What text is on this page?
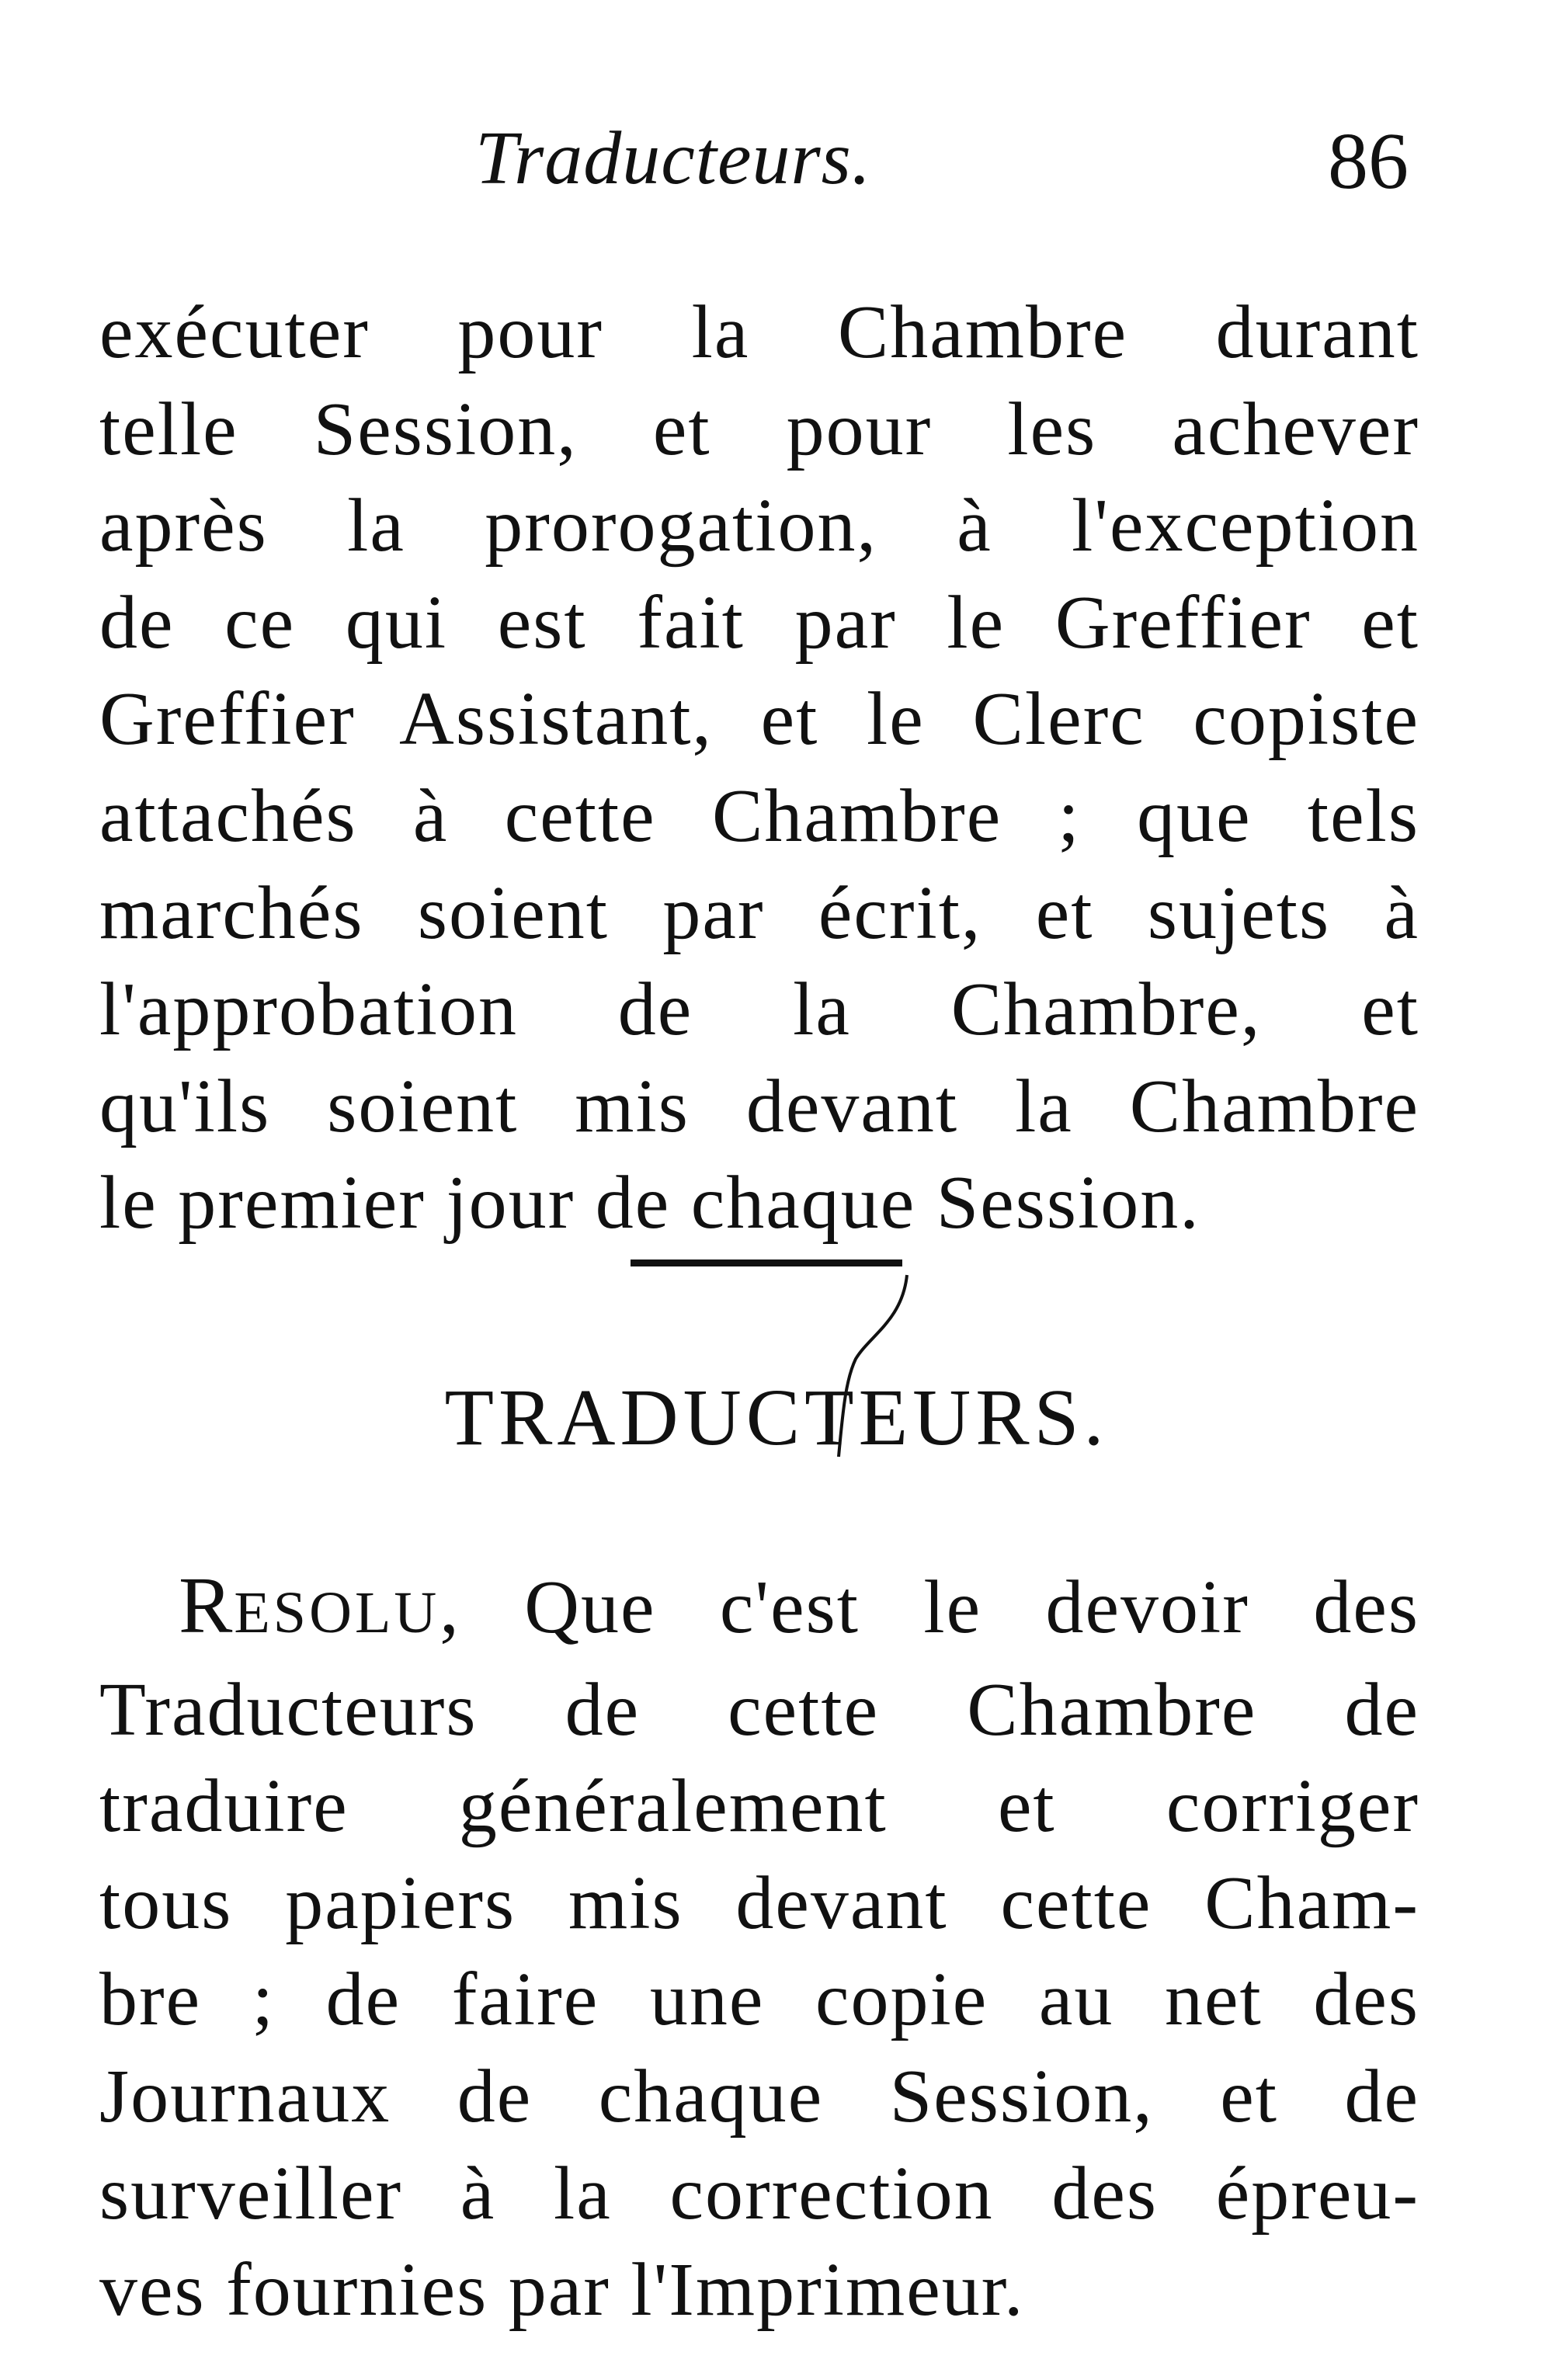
Traducteurs.	86

exécuter pour la Chambre durant
telle Session, et pour les achever
après la prorogation, à l'exception
de ce qui est fait par le Greffier et
Greffier Assistant, et le Clerc copiste
attachés à cette Chambre ; que tels
marchés soient par écrit, et sujets à
l'approbation de la Chambre, et
qu'ils soient mis devant la Chambre
le premier jour de chaque Session.

TRADUCTEURS.

RESOLU, Que c'est le devoir des
Traducteurs de cette Chambre de
traduire généralement et corriger
tous papiers mis devant cette Cham-
bre ; de faire une copie au net des
Journaux de chaque Session, et de
surveiller à la correction des épreu-
ves fournies par l'Imprimeur.
